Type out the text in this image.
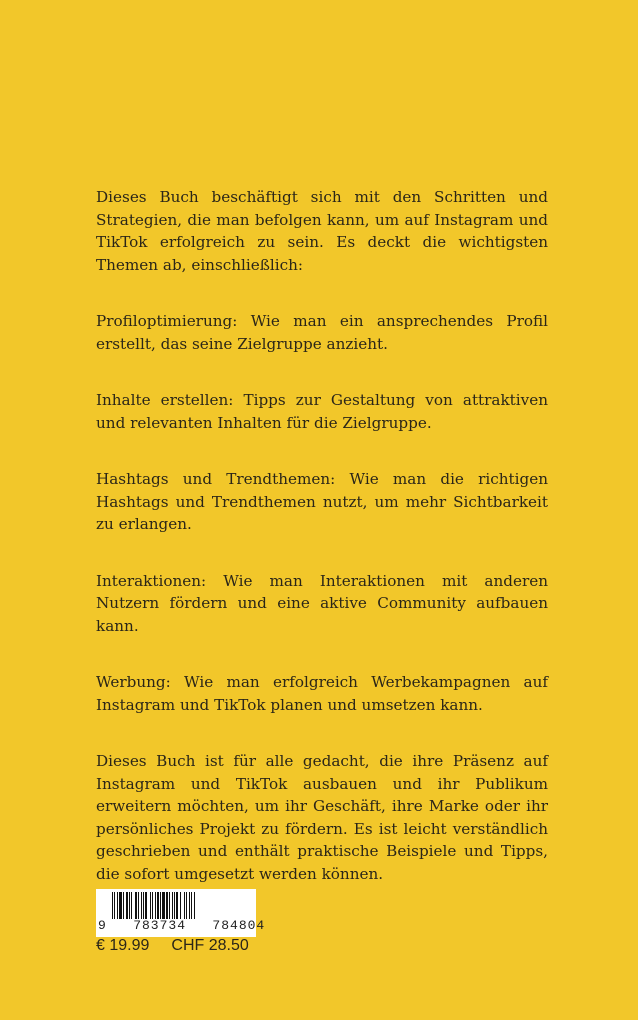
Dieses Buch beschäftigt sich mit den Schritten und Strategien, die man befolgen kann, um auf Instagram und TikTok erfolgreich zu sein. Es deckt die wichtigsten Themen ab, einschließlich:

Profiloptimierung: Wie man ein ansprechendes Profil erstellt, das seine Zielgruppe anzieht.

Inhalte erstellen: Tipps zur Gestaltung von attraktiven und relevanten Inhalten für die Zielgruppe.

Hashtags und Trendthemen: Wie man die richtigen Hashtags und Trendthemen nutzt, um mehr Sichtbarkeit zu erlangen.

Interaktionen: Wie man Interaktionen mit anderen Nutzern fördern und eine aktive Community aufbauen kann.

Werbung: Wie man erfolgreich Werbekampagnen auf Instagram und TikTok planen und umsetzen kann.

Dieses Buch ist für alle gedacht, die ihre Präsenz auf Instagram und TikTok ausbauen und ihr Publikum erweitern möchten, um ihr Geschäft, ihre Marke oder ihr persönliches Projekt zu fördern. Es ist leicht verständlich geschrieben und enthält praktische Beispiele und Tipps, die sofort umgesetzt werden können.

9   783734   784804
€ 19.99 CHF 28.50
